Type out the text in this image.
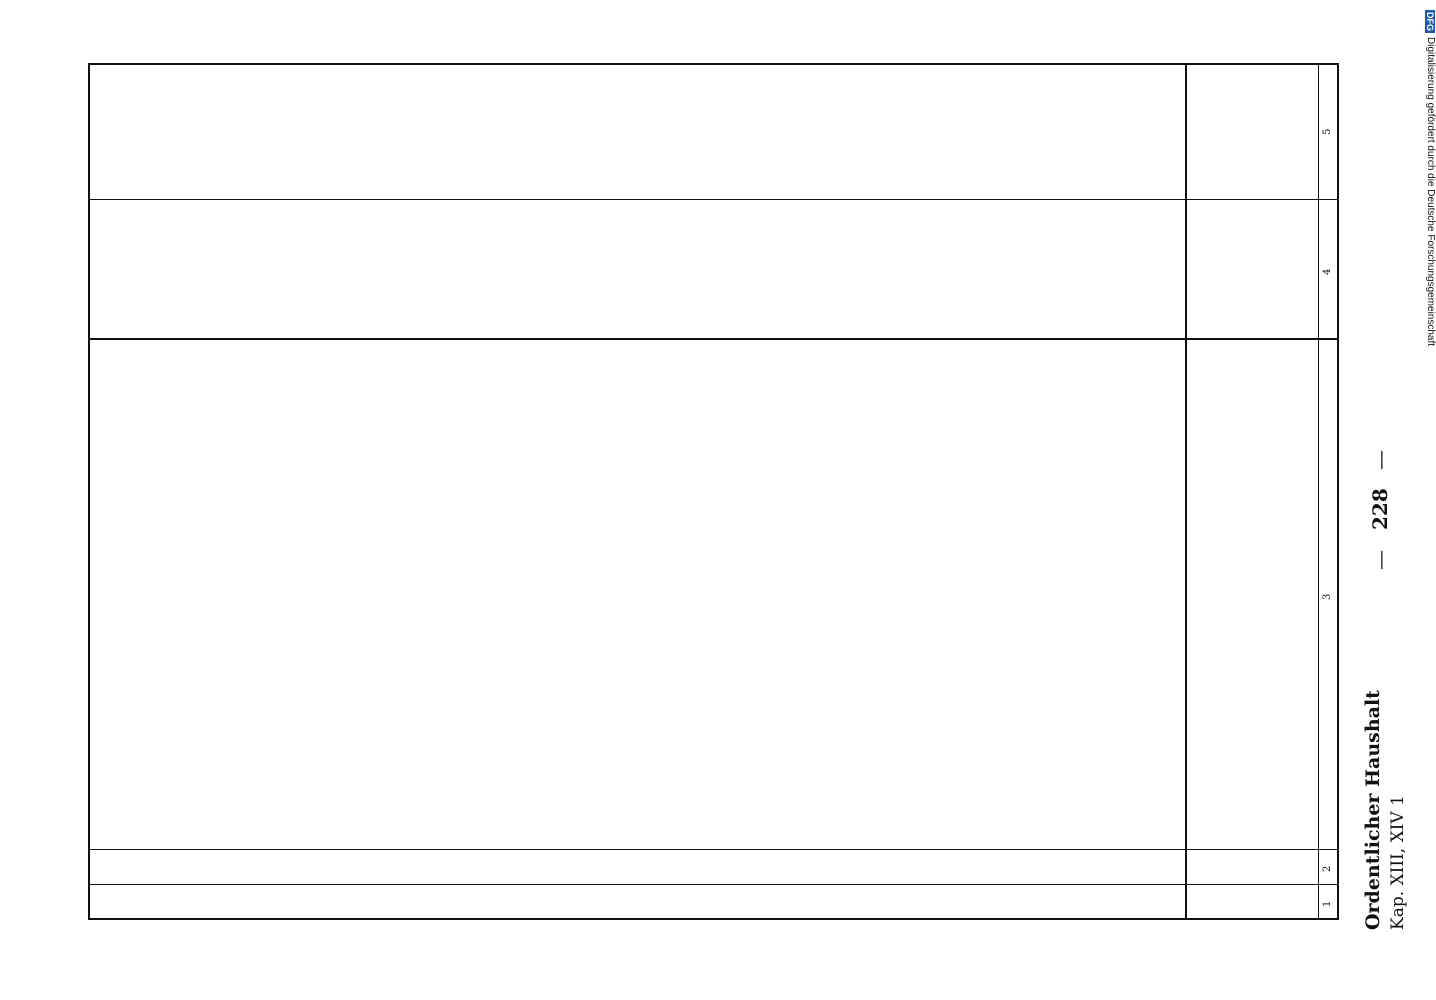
DFG
Digitalisierung gefördert durch die Deutsche Forschungsgemeinschaft
Ordentlicher Haushalt Kap. XIII, XIV 1
228
—
—
1
2
3
4
5
